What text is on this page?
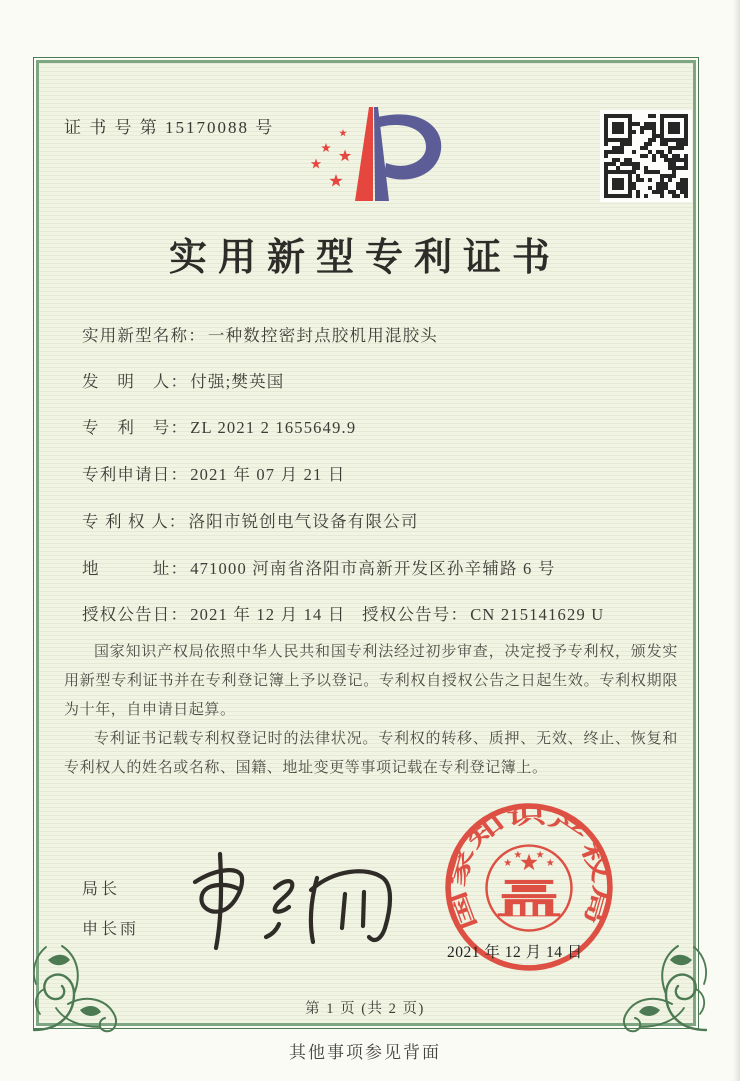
证 书 号 第 15170088 号
实用新型专利证书
实用新型名称： 一种数控密封点胶机用混胶头
发　明　人： 付强;樊英国
专　利　号： ZL 2021 2 1655649.9
专利申请日： 2021 年 07 月 21 日
专 利 权 人： 洛阳市锐创电气设备有限公司
地　　　址： 471000 河南省洛阳市高新开发区孙辛辅路 6 号
授权公告日： 2021 年 12 月 14 日 授权公告号： CN 215141629 U

国家知识产权局依照中华人民共和国专利法经过初步审查，决定授予专利权，颁发实用新型专利证书并在专利登记簿上予以登记。专利权自授权公告之日起生效。专利权期限为十年，自申请日起算。

专利证书记载专利权登记时的法律状况。专利权的转移、质押、无效、终止、恢复和专利权人的姓名或名称、国籍、地址变更等事项记载在专利登记簿上。

局长
申长雨	国家知识产权局
2021 年 12 月 14 日
第 1 页 (共 2 页)
其他事项参见背面
